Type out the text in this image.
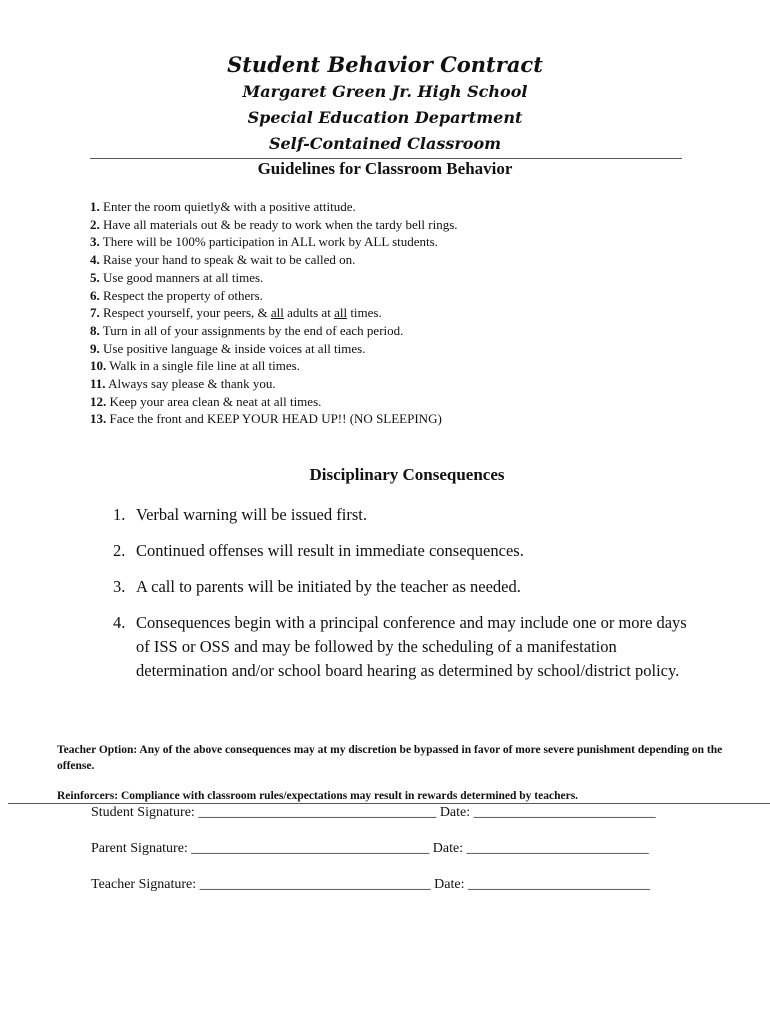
Student Behavior Contract
Margaret Green Jr. High School
Special Education Department
Self-Contained Classroom
Guidelines for Classroom Behavior
1. Enter the room quietly& with a positive attitude.
2. Have all materials out & be ready to work when the tardy bell rings.
3. There will be 100% participation in ALL work by ALL students.
4. Raise your hand to speak & wait to be called on.
5. Use good manners at all times.
6. Respect the property of others.
7. Respect yourself, your peers, & all adults at all times.
8. Turn in all of your assignments by the end of each period.
9. Use positive language & inside voices at all times.
10. Walk in a single file line at all times.
11. Always say please & thank you.
12. Keep your area clean & neat at all times.
13. Face the front and KEEP YOUR HEAD UP!! (NO SLEEPING)
Disciplinary Consequences
1. Verbal warning will be issued first.
2. Continued offenses will result in immediate consequences.
3. A call to parents will be initiated by the teacher as needed.
4. Consequences begin with a principal conference and may include one or more days of ISS or OSS and may be followed by the scheduling of a manifestation determination and/or school board hearing as determined by school/district policy.
Teacher Option: Any of the above consequences may at my discretion be bypassed in favor of more severe punishment depending on the offense.
Reinforcers: Compliance with classroom rules/expectations may result in rewards determined by teachers.
Student Signature: __________________________________ Date: __________________________
Parent Signature: __________________________________ Date: __________________________
Teacher Signature: _________________________________ Date: __________________________
